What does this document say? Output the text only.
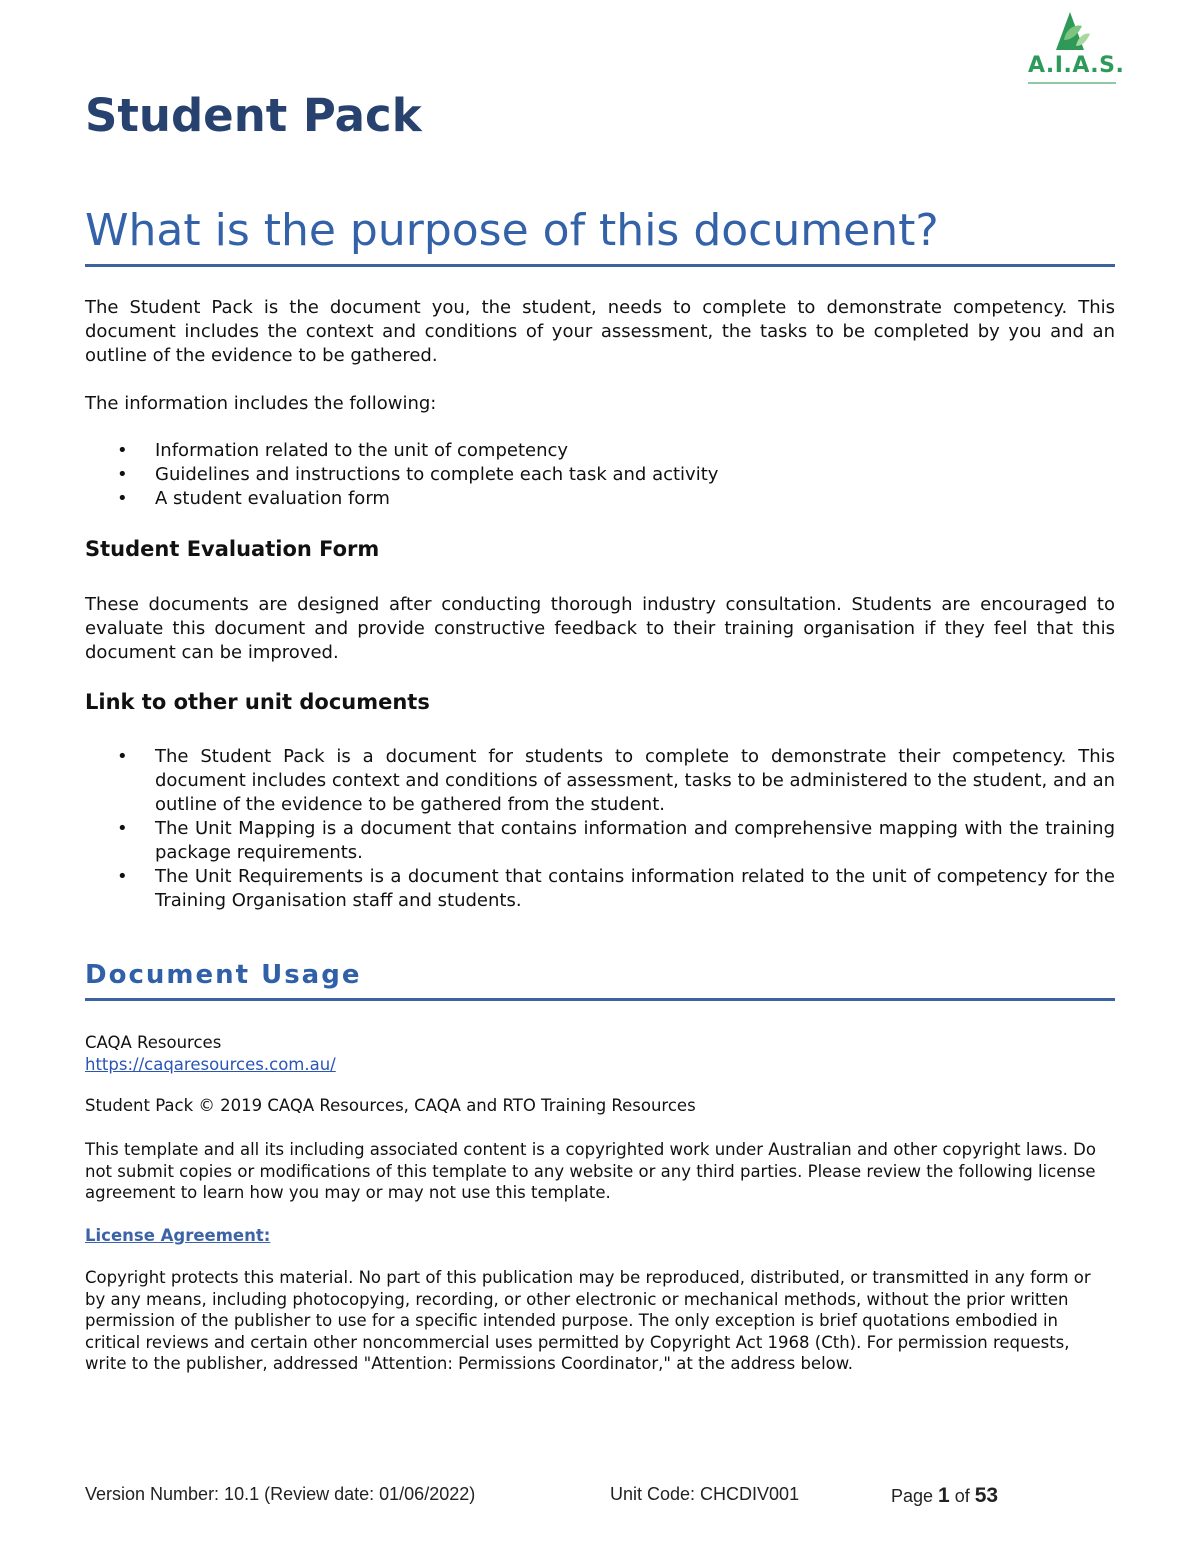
A.I.A.S.
Student Pack
What is the purpose of this document?

The Student Pack is the document you, the student, needs to complete to demonstrate competency. This document includes the context and conditions of your assessment, the tasks to be completed by you and an outline of the evidence to be gathered.

The information includes the following:

• Information related to the unit of competency
• Guidelines and instructions to complete each task and activity
• A student evaluation form
Student Evaluation Form

These documents are designed after conducting thorough industry consultation. Students are encouraged to evaluate this document and provide constructive feedback to their training organisation if they feel that this document can be improved.

Link to other unit documents
• The Student Pack is a document for students to complete to demonstrate their competency. This document includes context and conditions of assessment, tasks to be administered to the student, and an outline of the evidence to be gathered from the student.
• The Unit Mapping is a document that contains information and comprehensive mapping with the training package requirements.
• The Unit Requirements is a document that contains information related to the unit of competency for the Training Organisation staff and students.
Document Usage

CAQA Resources

https://caqaresources.com.au/

Student Pack © 2019 CAQA Resources, CAQA and RTO Training Resources

This template and all its including associated content is a copyrighted work under Australian and other copyright laws. Do not submit copies or modifications of this template to any website or any third parties. Please review the following license agreement to learn how you may or may not use this template.

License Agreement:

Copyright protects this material. No part of this publication may be reproduced, distributed, or transmitted in any form or by any means, including photocopying, recording, or other electronic or mechanical methods, without the prior written permission of the publisher to use for a specific intended purpose. The only exception is brief quotations embodied in critical reviews and certain other noncommercial uses permitted by Copyright Act 1968 (Cth). For permission requests, write to the publisher, addressed "Attention: Permissions Coordinator," at the address below.

Version Number: 10.1 (Review date: 01/06/2022)	Unit Code: CHCDIV001	Page 1 of 53
